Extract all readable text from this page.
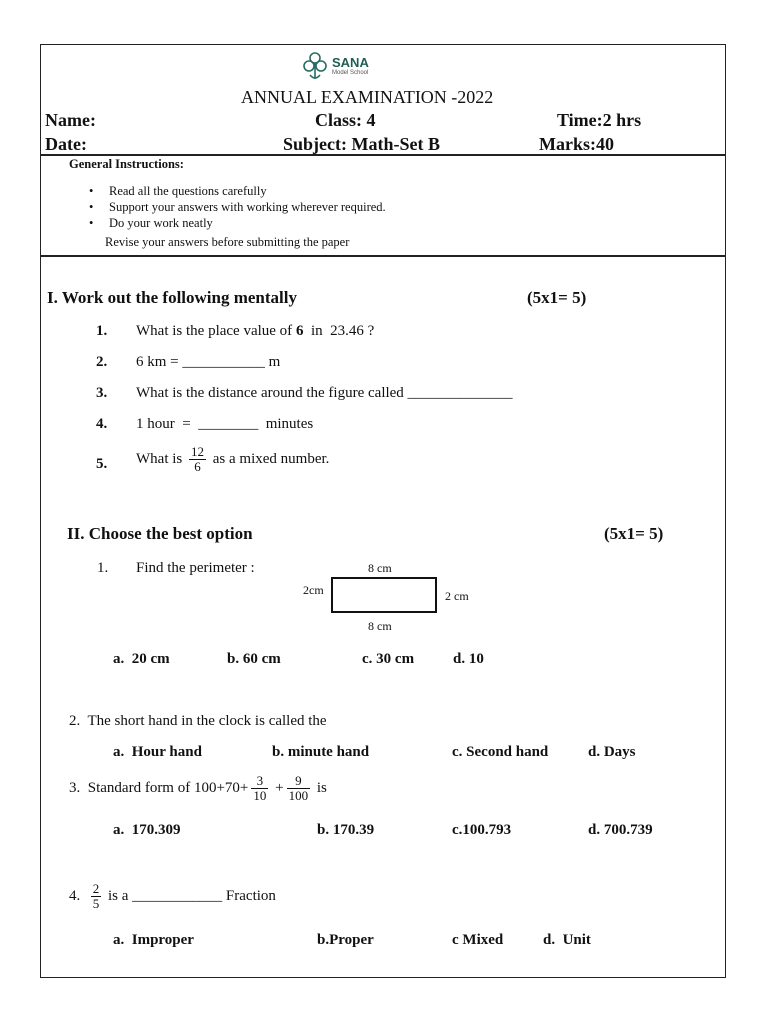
SANA
Model School
ANNUAL EXAMINATION -2022
Name:	Class: 4	Time:2 hrs
Date:	Subject: Math-Set B	Marks:40
General Instructions:
• Read all the questions carefully
• Support your answers with working wherever required.
• Do your work neatly
Revise your answers before submitting the paper
I. Work out the following mentally	(5x1= 5)
1. What is the place value of 6  in  23.46 ?
2. 6 km = ___________ m
3. What is the distance around the figure called ______________
4. 1 hour  =  ________  minutes
5. What is $\frac{12}{6}$ as a mixed number.
II. Choose the best option	(5x1= 5)
1. Find the perimeter :	8 cm
2cm	2 cm
8 cm
a. 20 cm	b. 60 cm	c. 30 cm	d. 10
2.  The short hand in the clock is called the
a. Hour hand	b. minute hand	c. Second hand	d. Days
3.  Standard form of $100+70+ \frac{3}{10} + \frac{9}{100}$ is
a. 170.309	b. 170.39	c.100.793	d. 700.739
4. $\frac{2}{5}$ is a ____________ Fraction
a. Improper	b.Proper	c Mixed	d.  Unit
